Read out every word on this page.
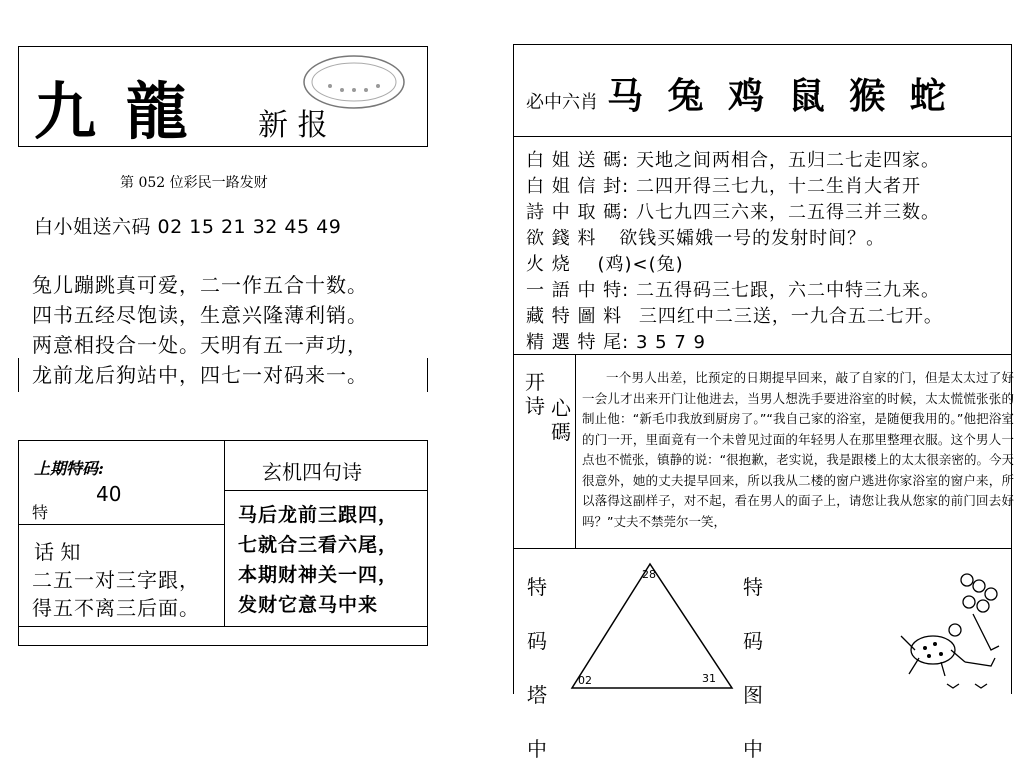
九 龍 新 报
第 052 位彩民一路发财
白小姐送六码 02 15 21 32 45 49
兔儿蹦跳真可爱，二一作五合十数。
四书五经尽饱读，生意兴隆薄利销。
两意相投合一处。天明有五一声功，
龙前龙后狗站中，四七一对码来一。
上期特码:
40
特
话 知
二五一对三字跟，
得五不离三后面。
玄机四句诗
马后龙前三跟四，
七就合三看六尾，
本期财神关一四，
发财它意马中来
必中六肖 马 兔 鸡 鼠 猴 蛇
白 姐 送 碼: 天地之间两相合，五归二七走四家。
白 姐 信 封: 二四开得三七九，十二生肖大者开
詩 中 取 碼: 八七九四三六来，二五得三并三数。
欲 錢 料 欲钱买孀娥一号的发射时间？。
火 烧 (鸡)<(兔)
一 語 中 特: 二五得码三七跟，六二中特三九来。
藏 特 圖 料 三四红中二三送，一九合五二七开。
精 選 特 尾: 3 5 7 9
开诗 心碼
一个男人出差，比预定的日期提早回来，敲了自家的门，但是太太过了好一会儿才出来开门让他进去，当男人想洗手要进浴室的时候，太太慌慌张张的制止他：“新毛巾我放到厨房了。”“我自己家的浴室，是随便我用的。”他把浴室的门一开，里面竟有一个未曾见过面的年轻男人在那里整理衣服。这个男人一点也不慌张，镇静的说：“很抱歉，老实说，我是跟楼上的太太很亲密的。今天很意外，她的丈夫提早回来，所以我从二楼的窗户逃进你家浴室的窗户来，所以落得这副样子，对不起，看在男人的面子上，请您让我从您家的前门回去好吗？”丈夫不禁莞尔一笑，
特码塔中
特码图中
28
02	31
